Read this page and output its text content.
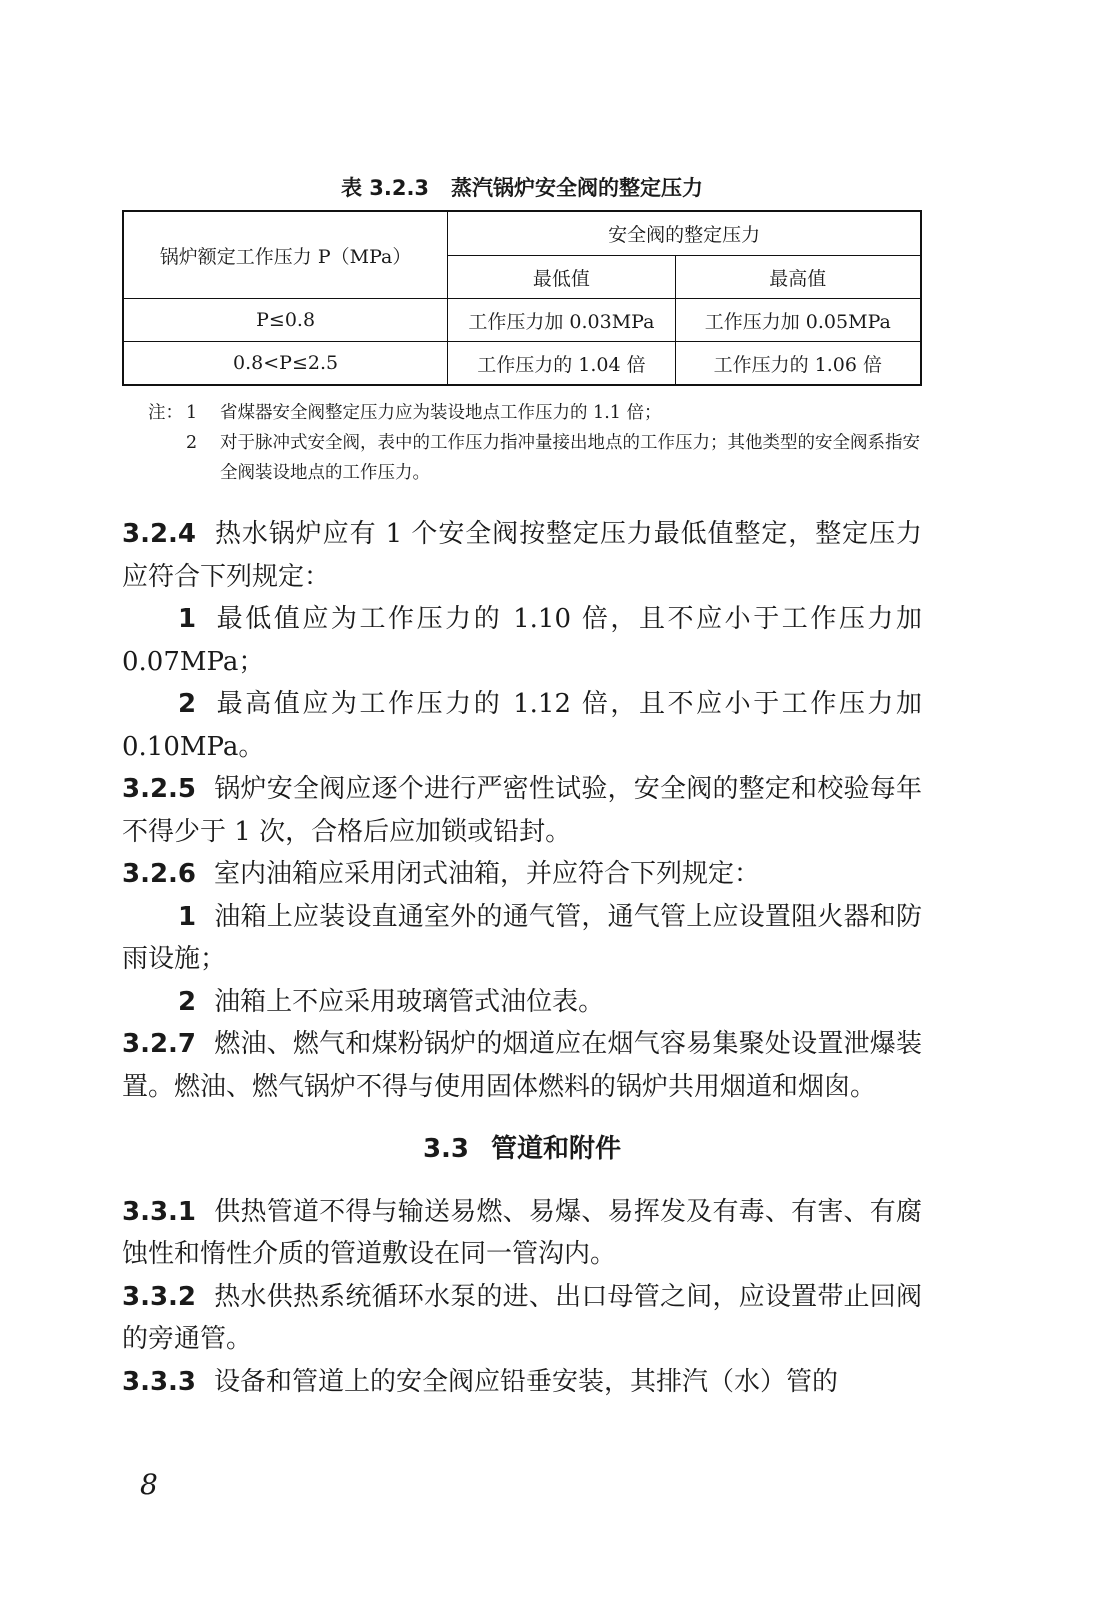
表 3.2.3 蒸汽锅炉安全阀的整定压力
锅炉额定工作压力 P（MPa）	安全阀的整定压力	
	最低值	最高值
P≤0.8	工作压力加 0.03MPa	工作压力加 0.05MPa
0.8<P≤2.5	工作压力的 1.04 倍	工作压力的 1.06 倍
注： 1 省煤器安全阀整定压力应为装设地点工作压力的 1.1 倍；
2 对于脉冲式安全阀，表中的工作压力指冲量接出地点的工作压力；其他类型的安全阀系指安全阀装设地点的工作压力。

3.2.4 热水锅炉应有 1 个安全阀按整定压力最低值整定，整定压力应符合下列规定：

1 最低值应为工作压力的 1.10 倍，且不应小于工作压力加 0.07MPa；

2 最高值应为工作压力的 1.12 倍，且不应小于工作压力加 0.10MPa。

3.2.5 锅炉安全阀应逐个进行严密性试验，安全阀的整定和校验每年不得少于 1 次，合格后应加锁或铅封。

3.2.6 室内油箱应采用闭式油箱，并应符合下列规定：

1 油箱上应装设直通室外的通气管，通气管上应设置阻火器和防雨设施；

2 油箱上不应采用玻璃管式油位表。

3.2.7 燃油、燃气和煤粉锅炉的烟道应在烟气容易集聚处设置泄爆装置。燃油、燃气锅炉不得与使用固体燃料的锅炉共用烟道和烟囱。

3.3 管道和附件

3.3.1 供热管道不得与输送易燃、易爆、易挥发及有毒、有害、有腐蚀性和惰性介质的管道敷设在同一管沟内。

3.3.2 热水供热系统循环水泵的进、出口母管之间，应设置带止回阀的旁通管。

3.3.3 设备和管道上的安全阀应铅垂安装，其排汽（水）管的

8
